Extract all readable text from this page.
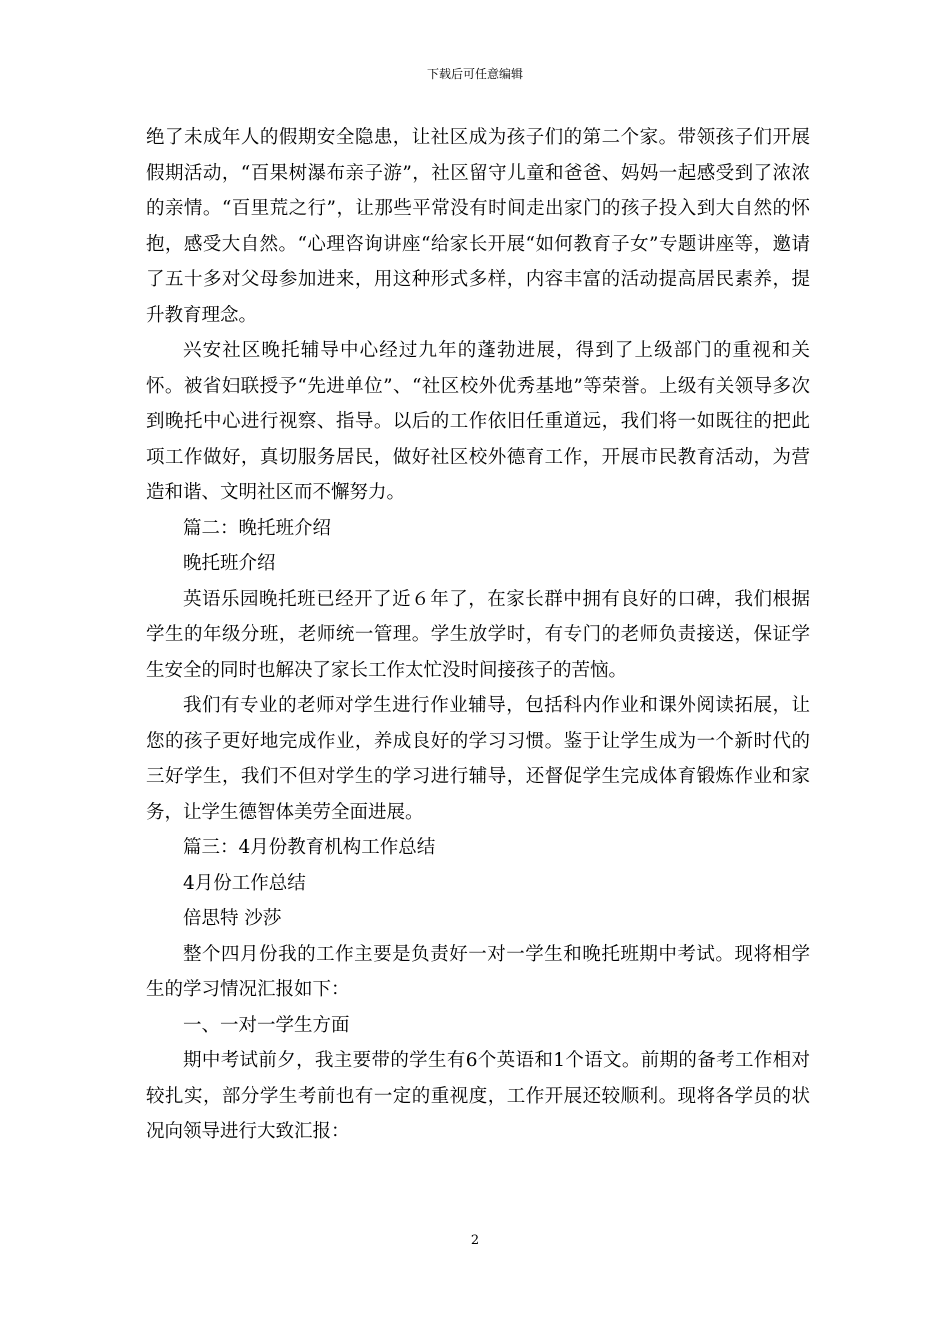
下载后可任意编辑

绝了未成年人的假期安全隐患，让社区成为孩子们的第二个家。带领孩子们开展假期活动，“百果树瀑布亲子游”，社区留守儿童和爸爸、妈妈一起感受到了浓浓的亲情。“百里荒之行”，让那些平常没有时间走出家门的孩子投入到大自然的怀抱，感受大自然。“心理咨询讲座“给家长开展“如何教育子女”专题讲座等，邀请了五十多对父母参加进来，用这种形式多样，内容丰富的活动提高居民素养，提升教育理念。

兴安社区晚托辅导中心经过九年的蓬勃进展，得到了上级部门的重视和关怀。被省妇联授予“先进单位”、“社区校外优秀基地”等荣誉。上级有关领导多次到晚托中心进行视察、指导。以后的工作依旧任重道远，我们将一如既往的把此项工作做好，真切服务居民，做好社区校外德育工作，开展市民教育活动，为营造和谐、文明社区而不懈努力。

篇二：晚托班介绍

晚托班介绍

英语乐园晚托班已经开了近６年了，在家长群中拥有良好的口碑，我们根据学生的年级分班，老师统一管理。学生放学时，有专门的老师负责接送，保证学生安全的同时也解决了家长工作太忙没时间接孩子的苦恼。

我们有专业的老师对学生进行作业辅导，包括科内作业和课外阅读拓展，让您的孩子更好地完成作业，养成良好的学习习惯。鉴于让学生成为一个新时代的三好学生，我们不但对学生的学习进行辅导，还督促学生完成体育锻炼作业和家务，让学生德智体美劳全面进展。

篇三：4月份教育机构工作总结

4月份工作总结

倍思特 沙莎

整个四月份我的工作主要是负责好一对一学生和晚托班期中考试。现将相学生的学习情况汇报如下：

一、一对一学生方面

期中考试前夕，我主要带的学生有6个英语和1个语文。前期的备考工作相对较扎实，部分学生考前也有一定的重视度，工作开展还较顺利。现将各学员的状况向领导进行大致汇报：

2
